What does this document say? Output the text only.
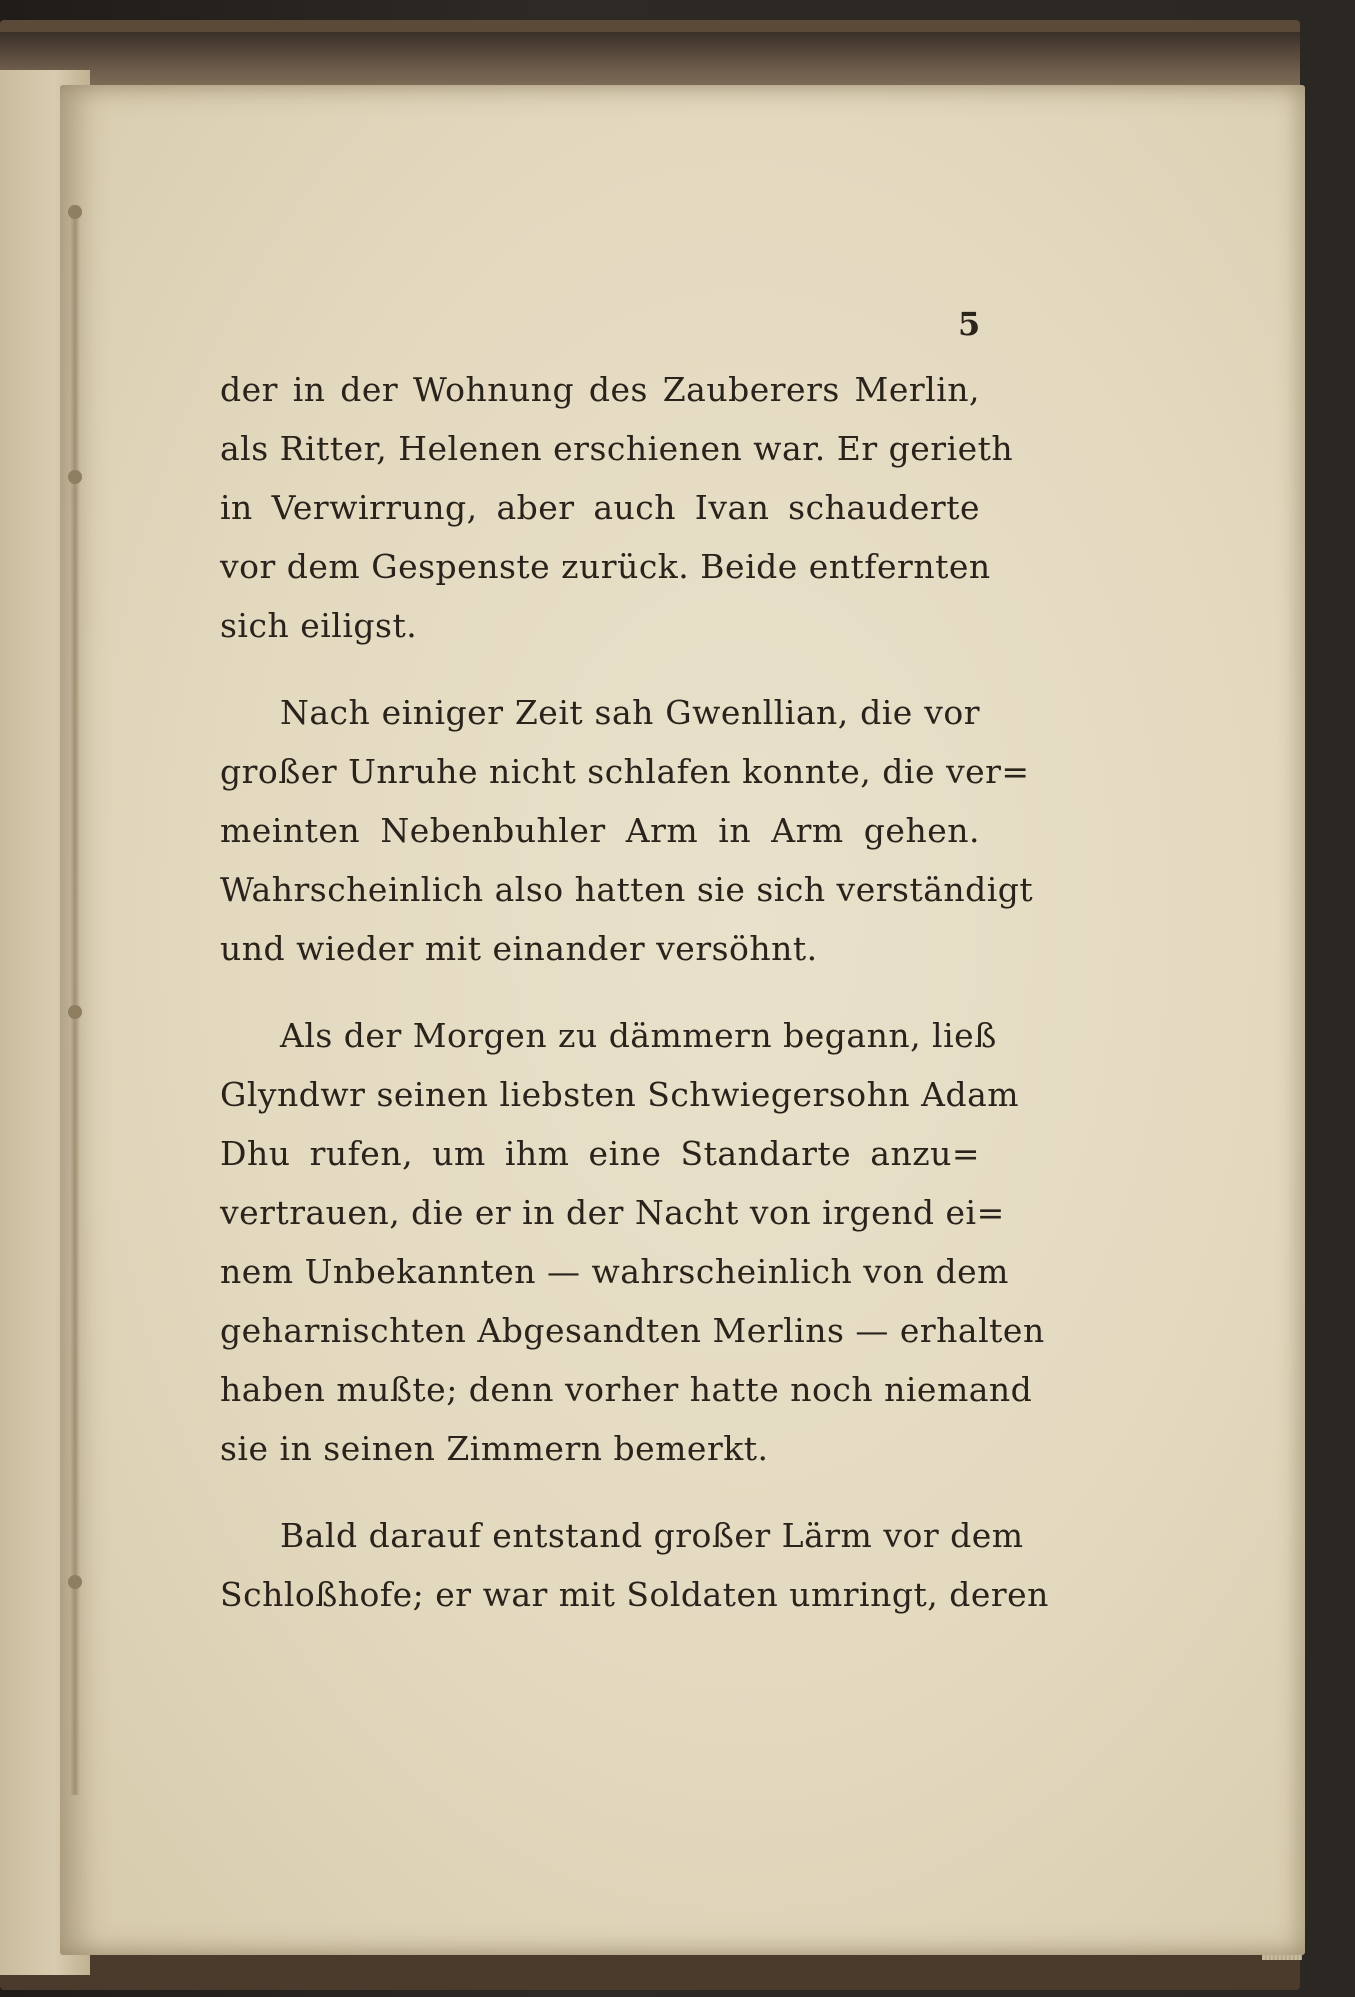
5
der in der Wohnung des Zauberers Merlin,
als Ritter, Helenen erschienen war. Er gerieth
in Verwirrung, aber auch Ivan schauderte
vor dem Gespenste zurück. Beide entfernten
sich eiligst.
Nach einiger Zeit sah Gwenllian, die vor
großer Unruhe nicht schlafen konnte, die ver=
meinten Nebenbuhler Arm in Arm gehen.
Wahrscheinlich also hatten sie sich verständigt
und wieder mit einander versöhnt.
Als der Morgen zu dämmern begann, ließ
Glyndwr seinen liebsten Schwiegersohn Adam
Dhu rufen, um ihm eine Standarte anzu=
vertrauen, die er in der Nacht von irgend ei=
nem Unbekannten — wahrscheinlich von dem
geharnischten Abgesandten Merlins — erhalten
haben mußte; denn vorher hatte noch niemand
sie in seinen Zimmern bemerkt.
Bald darauf entstand großer Lärm vor dem
Schloßhofe; er war mit Soldaten umringt, deren
